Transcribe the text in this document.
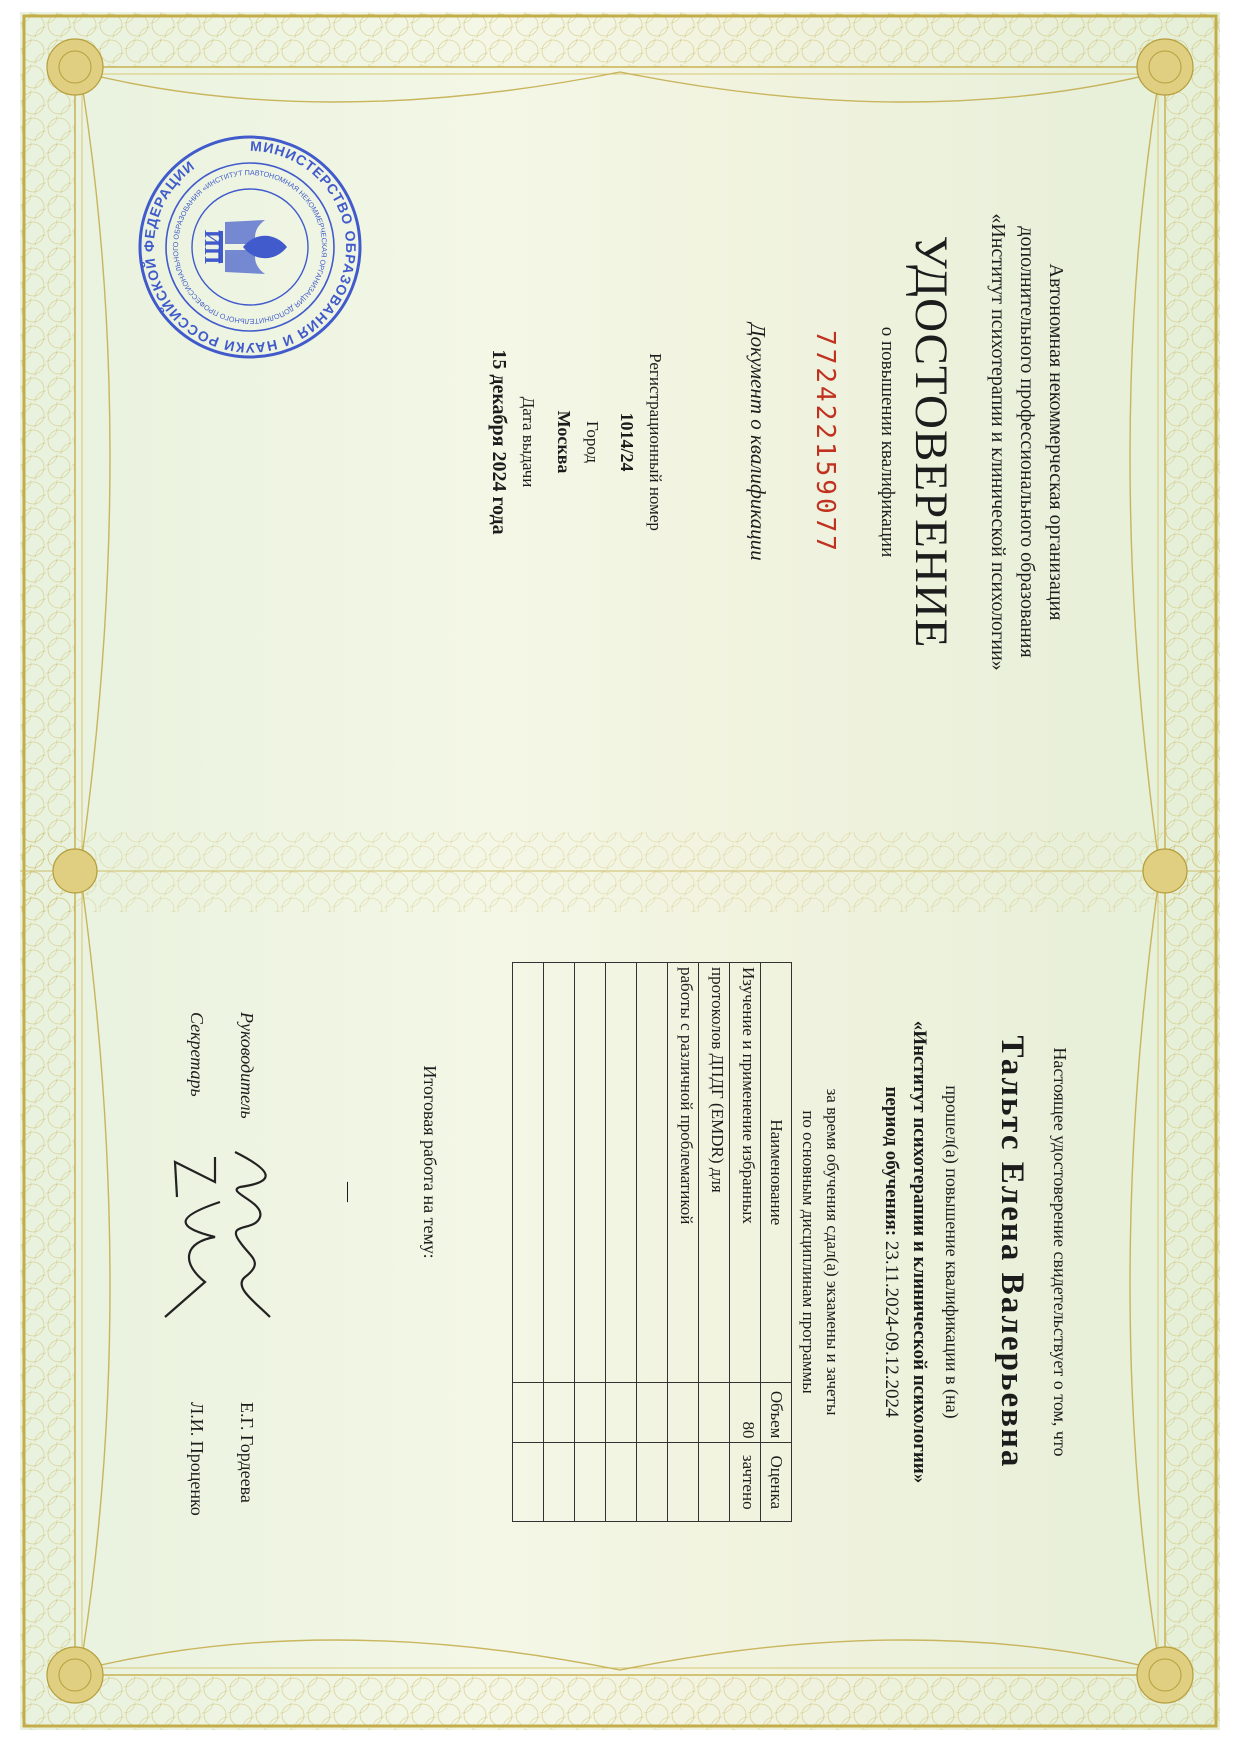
Автономная некоммерческая организация
дополнительного профессионального образования
«Институт психотерапии и клинической психологии»
УДОСТОВЕРЕНИЕ
о повышении квалификации
772422159077
Документ о квалификации
Регистрационный номер
1014/24
Город
Москва
Дата выдачи
15 декабря 2024 года
МИНИСТЕРСТВО ОБРАЗОВАНИЯ И НАУКИ РОССИЙСКОЙ ФЕДЕРАЦИИ	АВТОНОМНАЯ НЕКОММЕРЧЕСКАЯ ОРГАНИЗАЦИЯ ДОПОЛНИТЕЛЬНОГО ПРОФЕССИОНАЛЬНОГО ОБРАЗОВАНИЯ «ИНСТИТУТ П
ИП
Настоящее удостоверение свидетельствует о том, что
Тальтс Елена Валерьевна
прошел(а) повышение квалификации в (на)
«Институт психотерапии и клинической психологии»
период обучения: 23.11.2024-09.12.2024
за время обучения сдал(а) экзамены и зачеты
по основным дисциплинам программы
Наименование	Объем	Оценка
Изучение и применение избранных	80	зачтено
протоколов ДПДГ (EMDR) для		
работы с различной проблематикой		

Итоговая работа на тему:
—
Руководитель
Е.Г. Гордеева
Секретарь
Л.И. Проценко
